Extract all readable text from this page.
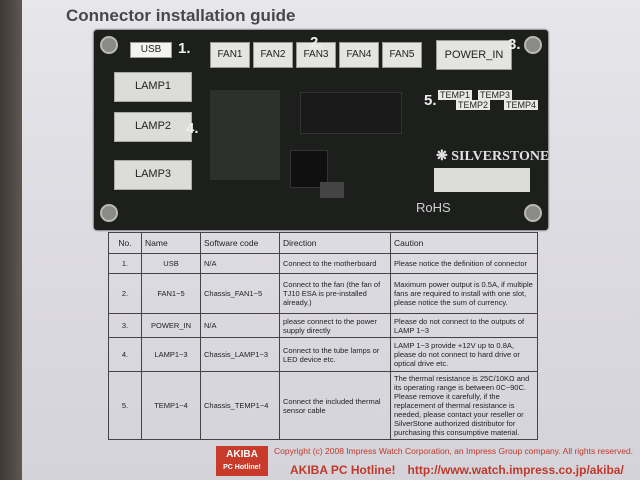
Connector installation guide
USB	1.	FAN1	FAN2	FAN3	FAN4	FAN5
2.
POWER_IN
3.
LAMP1
LAMP2
LAMP3
4.
5. TEMP1
TEMP2
TEMP3
TEMP4
❋ SILVERSTONE
RoHS
No.	Name	Software code	Direction	Caution
1.	USB	N/A	Connect to the motherboard	Please notice the definition of connector
2.	FAN1~5	Chassis_FAN1~5	Connect to the fan (the fan of TJ10 ESA is pre-installed already.)	Maximum power output is 0.5A, if multiple fans are required to install with one slot, please notice the sum of currency.
3.	POWER_IN	N/A	please connect to the power supply directly	Please do not connect to the outputs of LAMP 1~3
4.	LAMP1~3	Chassis_LAMP1~3	Connect to the tube lamps or LED device etc.	LAMP 1~3 provide +12V up to 0.8A, please do not connect to hard drive or optical drive etc.
5.	TEMP1~4	Chassis_TEMP1~4	Connect the included thermal sensor cable	The thermal resistance is 25C/10KΩ and its operating range is between 0C~90C. Please remove it carefully, if the replacement of thermal resistance is needed, please contact your reseller or SilverStone authorized distributor for purchasing this consumptive material.
AKIBA
PC Hotline!
Copyright (c) 2008 Impress Watch Corporation, an Impress Group company. All rights reserved.
AKIBA PC Hotline!　http://www.watch.impress.co.jp/akiba/
